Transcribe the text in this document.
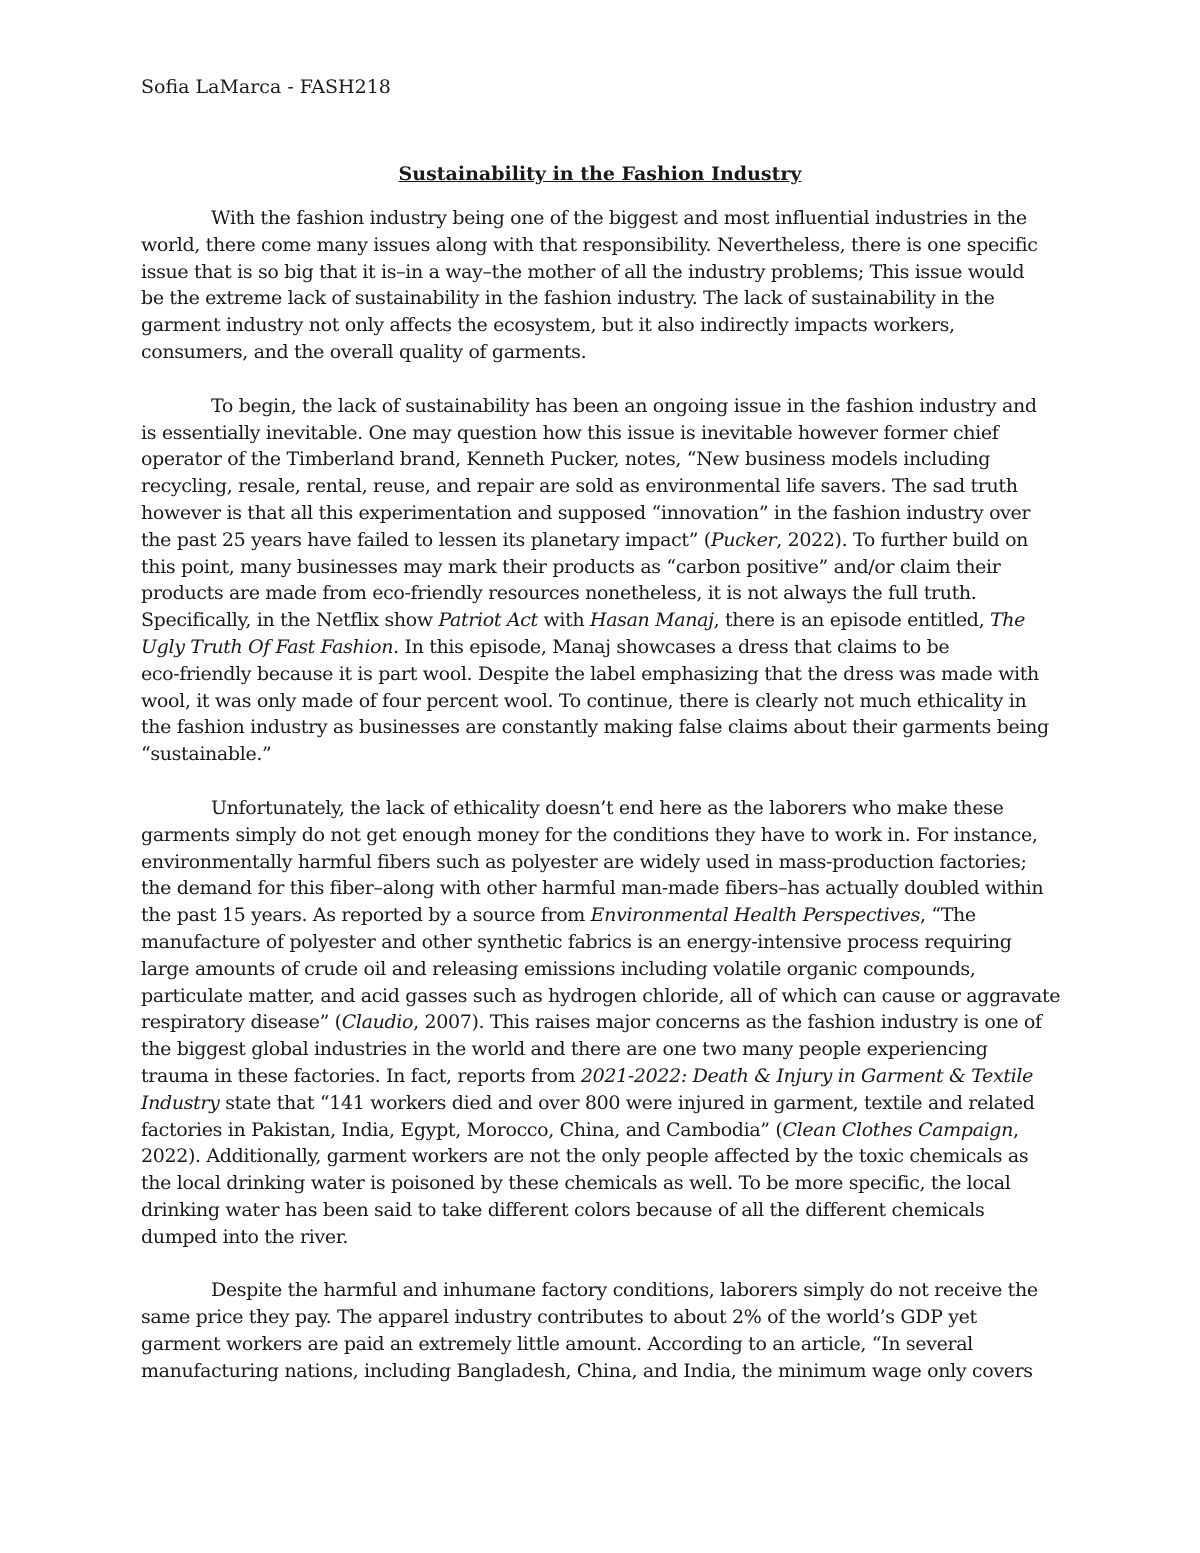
Sofia LaMarca - FASH218
Sustainability in the Fashion Industry
With the fashion industry being one of the biggest and most influential industries in the
world, there come many issues along with that responsibility. Nevertheless, there is one specific
issue that is so big that it is–in a way–the mother of all the industry problems; This issue would
be the extreme lack of sustainability in the fashion industry. The lack of sustainability in the
garment industry not only affects the ecosystem, but it also indirectly impacts workers,
consumers, and the overall quality of garments.
To begin, the lack of sustainability has been an ongoing issue in the fashion industry and
is essentially inevitable. One may question how this issue is inevitable however former chief
operator of the Timberland brand, Kenneth Pucker, notes, “New business models including
recycling, resale, rental, reuse, and repair are sold as environmental life savers. The sad truth
however is that all this experimentation and supposed “innovation” in the fashion industry over
the past 25 years have failed to lessen its planetary impact” (Pucker, 2022). To further build on
this point, many businesses may mark their products as “carbon positive” and/or claim their
products are made from eco-friendly resources nonetheless, it is not always the full truth.
Specifically, in the Netflix show Patriot Act with Hasan Manaj, there is an episode entitled, The
Ugly Truth Of Fast Fashion. In this episode, Manaj showcases a dress that claims to be
eco-friendly because it is part wool. Despite the label emphasizing that the dress was made with
wool, it was only made of four percent wool. To continue, there is clearly not much ethicality in
the fashion industry as businesses are constantly making false claims about their garments being
“sustainable.”
Unfortunately, the lack of ethicality doesn’t end here as the laborers who make these
garments simply do not get enough money for the conditions they have to work in. For instance,
environmentally harmful fibers such as polyester are widely used in mass-production factories;
the demand for this fiber–along with other harmful man-made fibers–has actually doubled within
the past 15 years. As reported by a source from Environmental Health Perspectives, “The
manufacture of polyester and other synthetic fabrics is an energy-intensive process requiring
large amounts of crude oil and releasing emissions including volatile organic compounds,
particulate matter, and acid gasses such as hydrogen chloride, all of which can cause or aggravate
respiratory disease” (Claudio, 2007). This raises major concerns as the fashion industry is one of
the biggest global industries in the world and there are one two many people experiencing
trauma in these factories. In fact, reports from 2021-2022: Death & Injury in Garment & Textile
Industry state that “141 workers died and over 800 were injured in garment, textile and related
factories in Pakistan, India, Egypt, Morocco, China, and Cambodia” (Clean Clothes Campaign,
2022). Additionally, garment workers are not the only people affected by the toxic chemicals as
the local drinking water is poisoned by these chemicals as well. To be more specific, the local
drinking water has been said to take different colors because of all the different chemicals
dumped into the river.
Despite the harmful and inhumane factory conditions, laborers simply do not receive the
same price they pay. The apparel industry contributes to about 2% of the world’s GDP yet
garment workers are paid an extremely little amount. According to an article, “In several
manufacturing nations, including Bangladesh, China, and India, the minimum wage only covers
